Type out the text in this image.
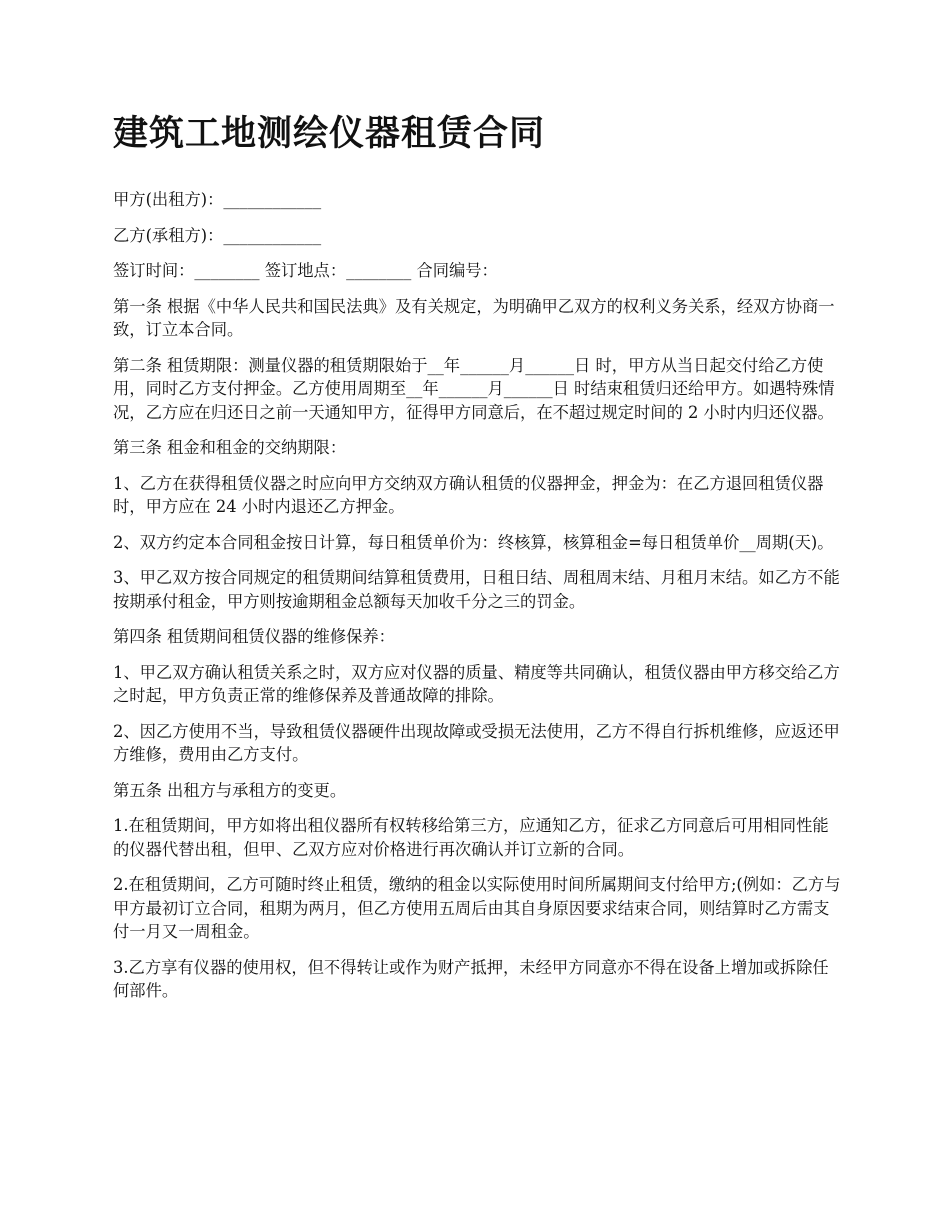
建筑工地测绘仪器租赁合同

甲方(出租方)：____________

乙方(承租方)：____________

签订时间：________ 签订地点：________ 合同编号：

第一条 根据《中华人民共和国民法典》及有关规定，为明确甲乙双方的权利义务关系，经双方协商一致，订立本合同。

第二条 租赁期限：测量仪器的租赁期限始于__年______月______日 时，甲方从当日起交付给乙方使用，同时乙方支付押金。乙方使用周期至__年______月______日 时结束租赁归还给甲方。如遇特殊情况，乙方应在归还日之前一天通知甲方，征得甲方同意后，在不超过规定时间的 2 小时内归还仪器。

第三条 租金和租金的交纳期限：

1、乙方在获得租赁仪器之时应向甲方交纳双方确认租赁的仪器押金，押金为：在乙方退回租赁仪器时，甲方应在 24 小时内退还乙方押金。

2、双方约定本合同租金按日计算，每日租赁单价为：终核算，核算租金=每日租赁单价__周期(天)。

3、甲乙双方按合同规定的租赁期间结算租赁费用，日租日结、周租周末结、月租月末结。如乙方不能按期承付租金，甲方则按逾期租金总额每天加收千分之三的罚金。

第四条 租赁期间租赁仪器的维修保养：

1、甲乙双方确认租赁关系之时，双方应对仪器的质量、精度等共同确认，租赁仪器由甲方移交给乙方之时起，甲方负责正常的维修保养及普通故障的排除。

2、因乙方使用不当，导致租赁仪器硬件出现故障或受损无法使用，乙方不得自行拆机维修，应返还甲方维修，费用由乙方支付。

第五条 出租方与承租方的变更。

1.在租赁期间，甲方如将出租仪器所有权转移给第三方，应通知乙方，征求乙方同意后可用相同性能的仪器代替出租，但甲、乙双方应对价格进行再次确认并订立新的合同。

2.在租赁期间，乙方可随时终止租赁，缴纳的租金以实际使用时间所属期间支付给甲方;(例如：乙方与甲方最初订立合同，租期为两月，但乙方使用五周后由其自身原因要求结束合同，则结算时乙方需支付一月又一周租金。

3.乙方享有仪器的使用权，但不得转让或作为财产抵押，未经甲方同意亦不得在设备上增加或拆除任何部件。
